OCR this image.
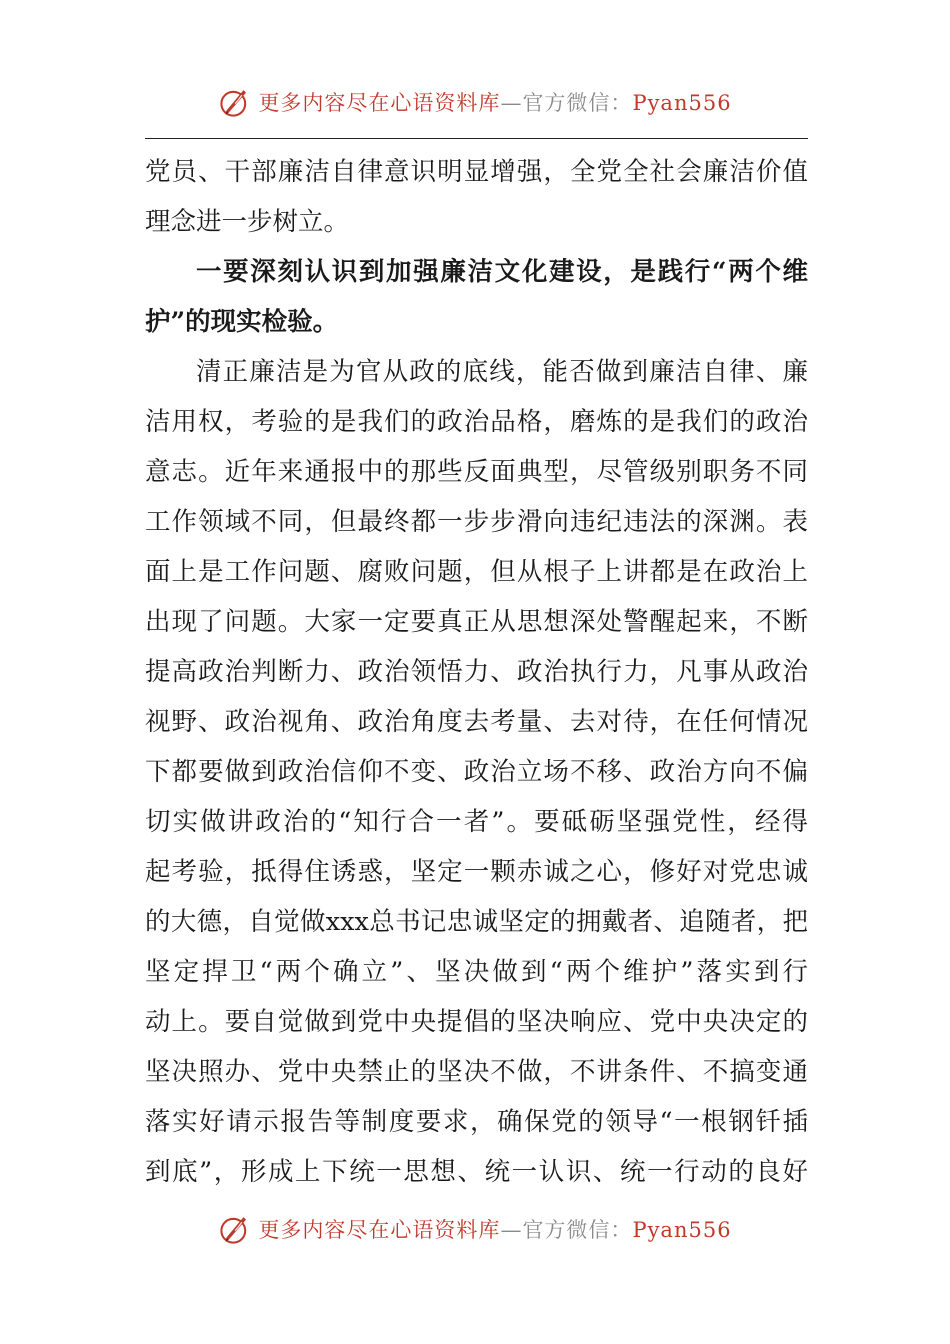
更多内容尽在心语资料库—官方微信：Pyan556
党员、干部廉洁自律意识明显增强，全党全社会廉洁价值
理念进一步树立。
一要深刻认识到加强廉洁文化建设，是践行“两个维
护”的现实检验。
清正廉洁是为官从政的底线，能否做到廉洁自律、廉
洁用权，考验的是我们的政治品格，磨炼的是我们的政治
意志。近年来通报中的那些反面典型，尽管级别职务不同
工作领域不同，但最终都一步步滑向违纪违法的深渊。表
面上是工作问题、腐败问题，但从根子上讲都是在政治上
出现了问题。大家一定要真正从思想深处警醒起来，不断
提高政治判断力、政治领悟力、政治执行力，凡事从政治
视野、政治视角、政治角度去考量、去对待，在任何情况
下都要做到政治信仰不变、政治立场不移、政治方向不偏
切实做讲政治的“知行合一者”。要砥砺坚强党性，经得
起考验，抵得住诱惑，坚定一颗赤诚之心，修好对党忠诚
的大德，自觉做xxx总书记忠诚坚定的拥戴者、追随者，把
坚定捍卫“两个确立”、坚决做到“两个维护”落实到行
动上。要自觉做到党中央提倡的坚决响应、党中央决定的
坚决照办、党中央禁止的坚决不做，不讲条件、不搞变通
落实好请示报告等制度要求，确保党的领导“一根钢钎插
到底”，形成上下统一思想、统一认识、统一行动的良好
更多内容尽在心语资料库—官方微信：Pyan556
